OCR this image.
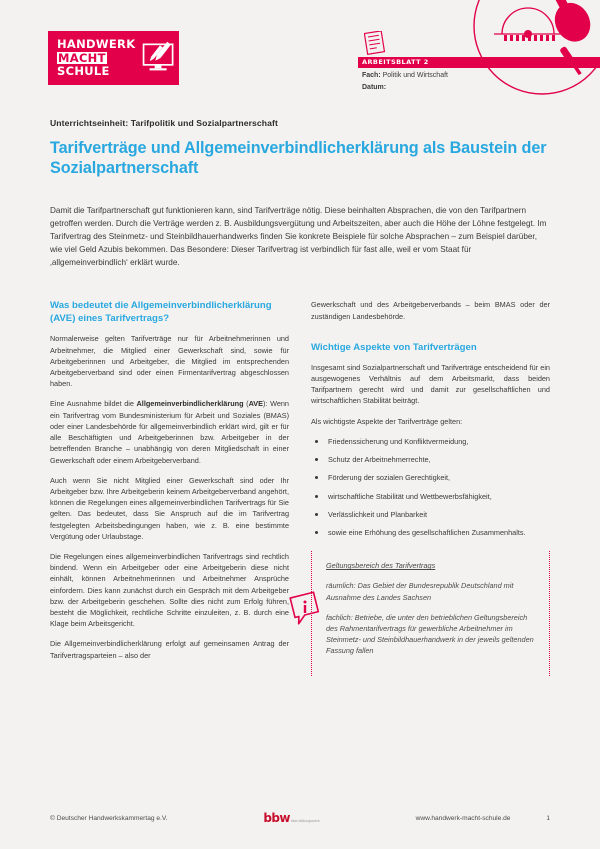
HANDWERK
MACHT
SCHULE
ARBEITSBLATT 2
Fach: Politik und Wirtschaft
Datum:

Unterrichtseinheit: Tarifpolitik und Sozialpartnerschaft

Tarifverträge und Allgemeinverbindlicherklärung als Baustein der Sozialpartnerschaft

Damit die Tarifpartnerschaft gut funktionieren kann, sind Tarifverträge nötig. Diese beinhalten Absprachen, die von den Tarifpartnern getroffen werden. Durch die Verträge werden z. B. Ausbildungsvergütung und Arbeitszeiten, aber auch die Höhe der Löhne festgelegt. Im Tarifvertrag des Steinmetz- und Steinbildhauerhandwerks finden Sie konkrete Beispiele für solche Absprachen – zum Beispiel darüber, wie viel Geld Azubis bekommen. Das Besondere: Dieser Tarifvertrag ist verbindlich für fast alle, weil er vom Staat für ‚allgemeinverbindlich‘ erklärt wurde.

Was bedeutet die Allgemeinverbindlicherklärung (AVE) eines Tarifvertrags?

Normalerweise gelten Tarifverträge nur für Arbeitnehmerinnen und Arbeitnehmer, die Mitglied einer Gewerkschaft sind, sowie für Arbeitgeberinnen und Arbeitgeber, die Mitglied im entsprechenden Arbeitgeberverband sind oder einen Firmentarifvertrag abgeschlossen haben.

Eine Ausnahme bildet die Allgemeinverbindlicherklärung (AVE): Wenn ein Tarifvertrag vom Bundesministerium für Arbeit und Soziales (BMAS) oder einer Landesbehörde für allgemeinverbindlich erklärt wird, gilt er für alle Beschäftigten und Arbeitgeberinnen bzw. Arbeitgeber in der betreffenden Branche – unabhängig von deren Mitgliedschaft in einer Gewerkschaft oder einem Arbeitgeberverband.

Auch wenn Sie nicht Mitglied einer Gewerkschaft sind oder Ihr Arbeitgeber bzw. Ihre Arbeitgeberin keinem Arbeitgeberverband angehört, können die Regelungen eines allgemeinverbindlichen Tarifvertrags für Sie gelten. Das bedeutet, dass Sie Anspruch auf die im Tarifvertrag festgelegten Arbeitsbedingungen haben, wie z. B. eine bestimmte Vergütung oder Urlaubstage.

Die Regelungen eines allgemeinverbindlichen Tarifvertrags sind rechtlich bindend. Wenn ein Arbeitgeber oder eine Arbeitgeberin diese nicht einhält, können Arbeitnehmerinnen und Arbeitnehmer Ansprüche einfordern. Dies kann zunächst durch ein Gespräch mit dem Arbeitgeber bzw. der Arbeitgeberin geschehen. Sollte dies nicht zum Erfolg führen, besteht die Möglichkeit, rechtliche Schritte einzuleiten, z. B. durch eine Klage beim Arbeitsgericht.

Die Allgemeinverbindlicherklärung erfolgt auf gemeinsamen Antrag der Tarifvertragsparteien – also der

Gewerkschaft und des Arbeitgeberverbands – beim BMAS oder der zuständigen Landesbehörde.

Wichtige Aspekte von Tarifverträgen

Insgesamt sind Sozialpartnerschaft und Tarifverträge entscheidend für ein ausgewogenes Verhältnis auf dem Arbeitsmarkt, dass beiden Tarifpartnern gerecht wird und damit zur gesellschaftlichen und wirtschaftlichen Stabilität beiträgt.

Als wichtigste Aspekte der Tarifverträge gelten:

Friedenssicherung und Konfliktvermeidung,
Schutz der Arbeitnehmerrechte,
Förderung der sozialen Gerechtigkeit,
wirtschaftliche Stabilität und Wettbewerbsfähigkeit,
Verlässlichkeit und Planbarkeit
sowie eine Erhöhung des gesellschaftlichen Zusammenhalts.

Geltungsbereich des Tarifvertrags

räumlich: Das Gebiet der Bundesrepublik Deutschland mit Ausnahme des Landes Sachsen

fachlich: Betriebe, die unter den betrieblichen Geltungsbereich des Rahmentarifvertrags für gewerbliche Arbeitnehmer im Steinmetz- und Steinbildhauerhandwerk in der jeweils geltenden Fassung fallen

© Deutscher Handwerkskammertag e.V.	bbw bbw-bildungswerk	www.handwerk-macht-schule.de	1
